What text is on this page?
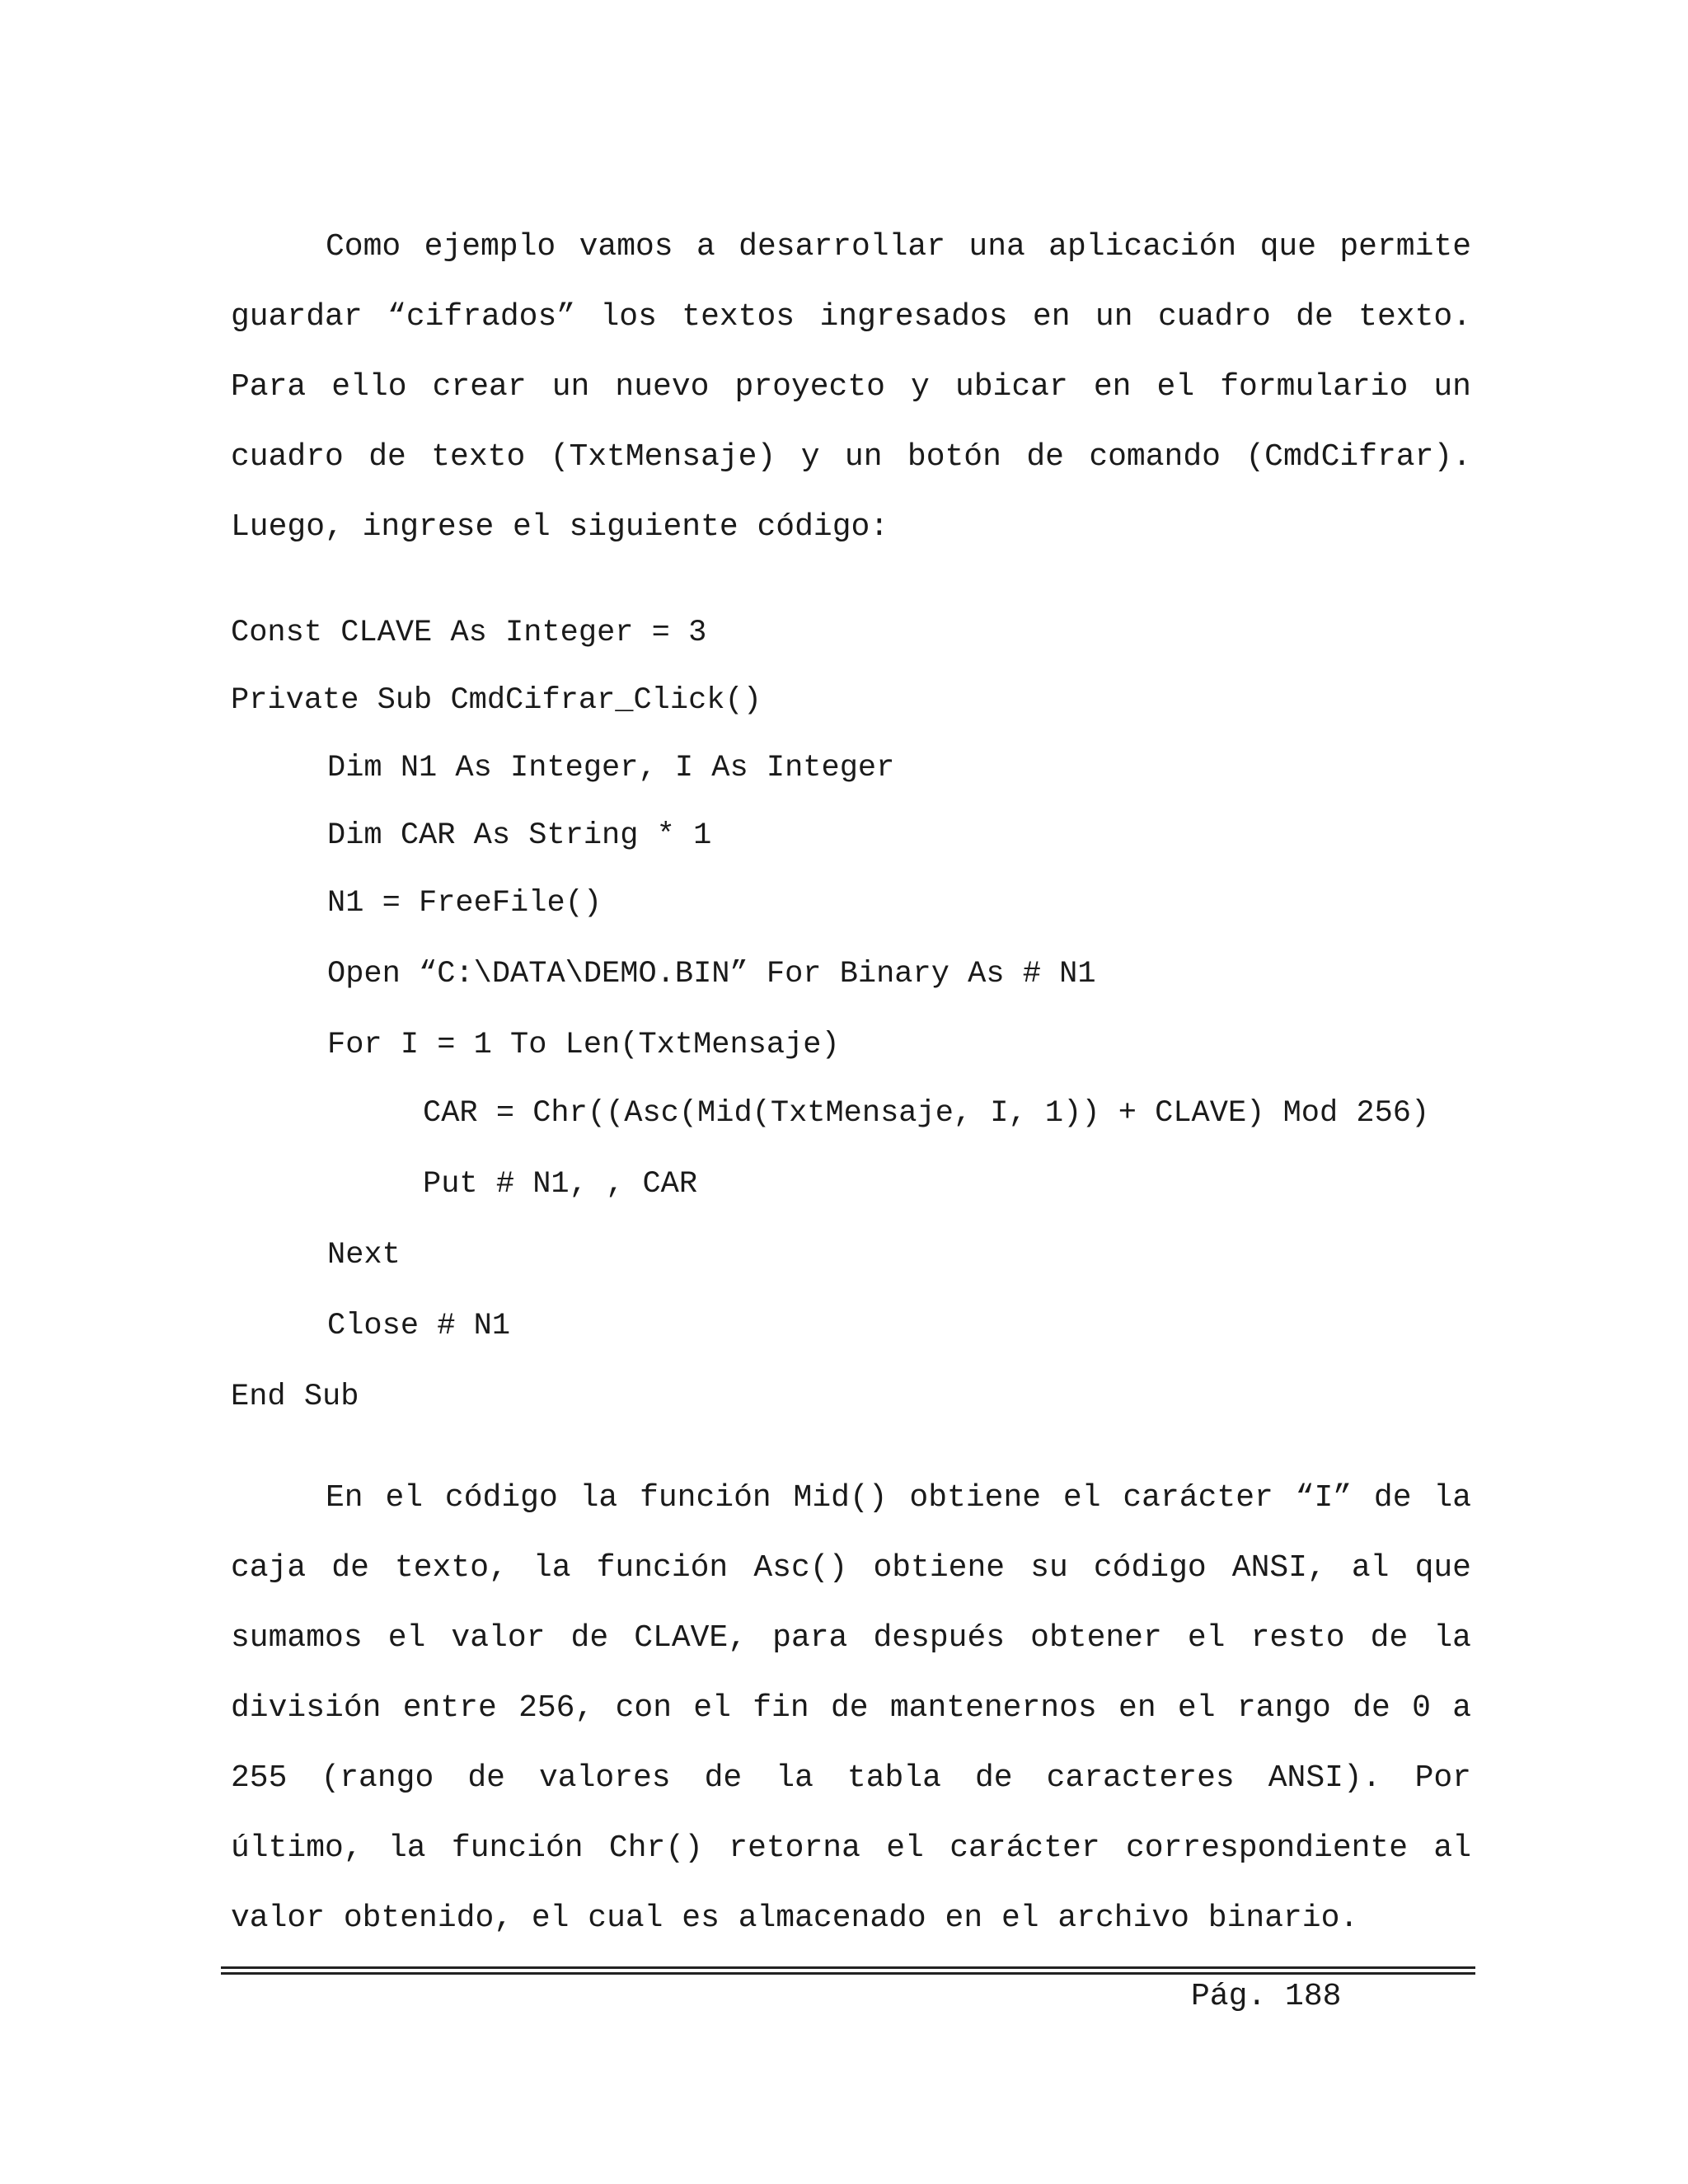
Como ejemplo vamos a desarrollar una aplicación que permite guardar “cifrados” los textos ingresados en un cuadro de texto. Para ello crear un nuevo proyecto y ubicar en el formulario un cuadro de texto (TxtMensaje) y un botón de comando (CmdCifrar). Luego, ingrese el siguiente código:

Const CLAVE As Integer = 3
Private Sub CmdCifrar_Click()
Dim N1 As Integer, I As Integer
Dim CAR As String * 1
N1 = FreeFile()
Open “C:\DATA\DEMO.BIN” For Binary As # N1
For I = 1 To Len(TxtMensaje)
CAR = Chr((Asc(Mid(TxtMensaje, I, 1)) + CLAVE) Mod 256)
Put # N1, , CAR
Next
Close # N1
End Sub

En el código la función Mid() obtiene el carácter “I” de la caja de texto, la función Asc() obtiene su código ANSI, al que sumamos el valor de CLAVE, para después obtener el resto de la división entre 256, con el fin de mantenernos en el rango de 0 a 255 (rango de valores de la tabla de caracteres ANSI). Por último, la función Chr() retorna el carácter correspondiente al valor obtenido, el cual es almacenado en el archivo binario.

Pág. 188
